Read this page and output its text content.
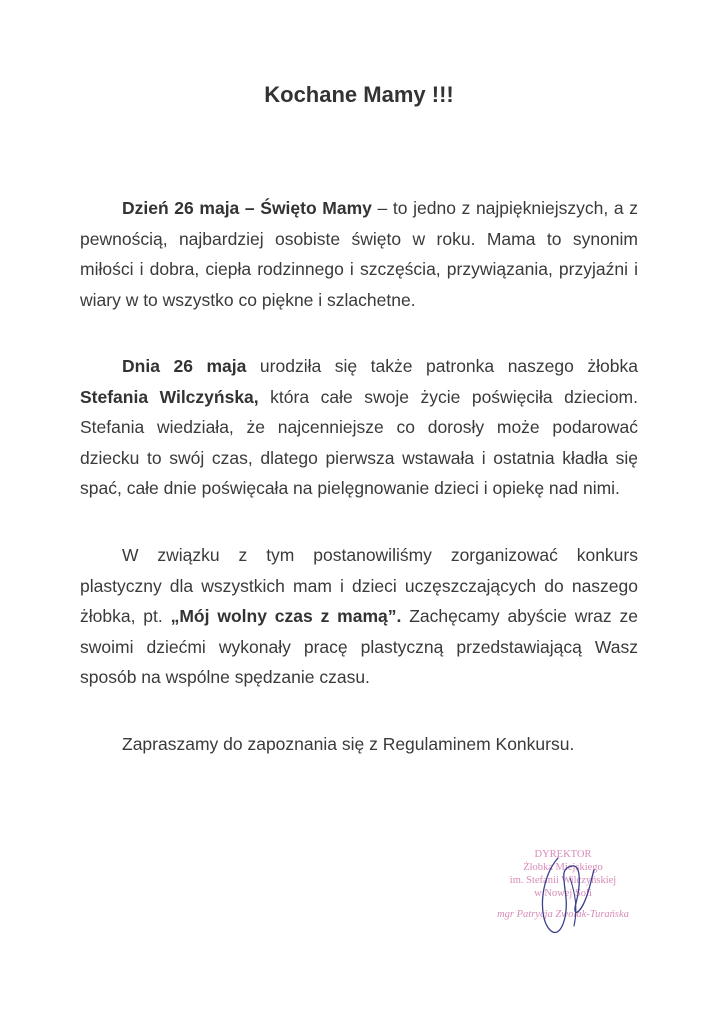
Kochane Mamy !!!
Dzień 26 maja – Święto Mamy – to jedno z najpiękniejszych, a z pewnością, najbardziej osobiste święto w roku. Mama to synonim miłości i dobra, ciepła rodzinnego i szczęścia, przywiązania, przyjaźni i wiary w to wszystko co piękne i szlachetne.
Dnia 26 maja urodziła się także patronka naszego żłobka Stefania Wilczyńska, która całe swoje życie poświęciła dzieciom. Stefania wiedziała, że najcenniejsze co dorosły może podarować dziecku to swój czas, dlatego pierwsza wstawała i ostatnia kładła się spać, całe dnie poświęcała na pielęgnowanie dzieci i opiekę nad nimi.
W związku z tym postanowiliśmy zorganizować konkurs plastyczny dla wszystkich mam i dzieci uczęszczających do naszego żłobka, pt. „Mój wolny czas z mamą”. Zachęcamy abyście wraz ze swoimi dziećmi wykonały pracę plastyczną przedstawiającą Wasz sposób na wspólne spędzanie czasu.
Zapraszamy do zapoznania się z Regulaminem Konkursu.
DYREKTOR
Żłobka Miejskiego
im. Stefanii Wilczyńskiej
w Nowej Soli
mgr Patrycja Zwolak-Turańska
